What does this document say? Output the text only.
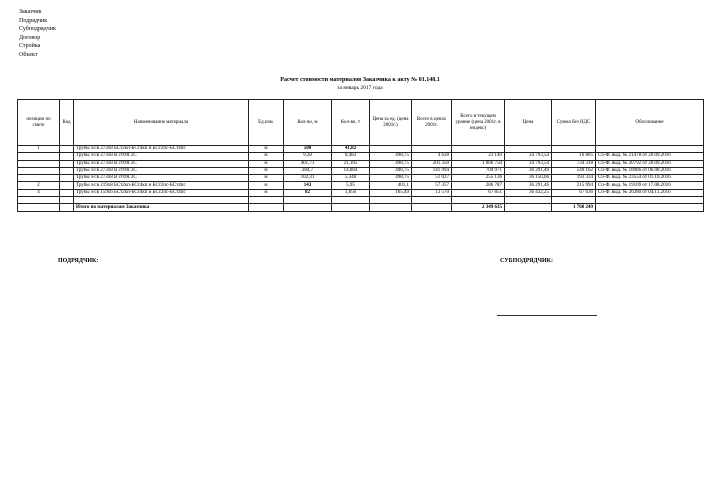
Заказчик
Подрядчик
Субподрядчик
Договор
Стройка
Объект
Расчет стоимости материалов Заказчика к акту № 01.148.1
за январь 2017 года
позиции по смете	Код	Наименование материала	Ед.изм.	Кол-во, м	Кол-во, т	Цена за ед. (цена 2001г.)	Всего в ценах 2001г.	Всего в текущем уровне (цена 2001г. в индекс)	Цена	Сумма без НДС	Обоснование
1		Трубы э/св 273х8 БСт2кп-БСт4кп и БСт2пс-БСт4пс	м	500	41,82						
		Трубы э/св 273х8 В ст09Г2С	м	9,28	0,483	498,75	4 628	23 140	34 793,54	16 805	Сч-Ф. выд. № 21478 от 20.09.2016
		Трубы э/св 273х8 В ст09Г2С	м	401,71	21,105	498,75	201 350	1 006 750	34 793,54	734 318	Сч-Ф. выд. № 20792 от 20.09.2016
		Трубы э/св 273х8 В ст09Г2С	м	284,7	14,884	498,75	141 994	709 971	36 291,46	540 162	Сч-Ф. выд. № 18986 от 06.08.2016
		Трубы э/св 273х8 В ст09Г2С	м	102,31	5,348	498,75	51 027	255 136	36 150,66	193 334	Сч-Ф. выд. № 23554 от 01.10.2016
2		Трубы э/св 219х8 БСт2кп-БСт4кп и БСт2пс-БСт4пс	м	143	5,95	401,1	57 357	286 787	36 291,46	215 994	Сч-Ф. выд. № 19109 от 17.08.2016
4		Трубы э/св 159х6 БСт2кп-БСт4кп и БСт2пс-БСт4пс	м	82	1,856	165,49	13 570	67 851	36 432,25	67 636	Сч-Ф. выд. № 26280 от 04.11.2016

		Итого по материалам Заказчика						2 349 635		1 768 249	
ПОДРЯДЧИК:	СУБПОДРЯДЧИК:
